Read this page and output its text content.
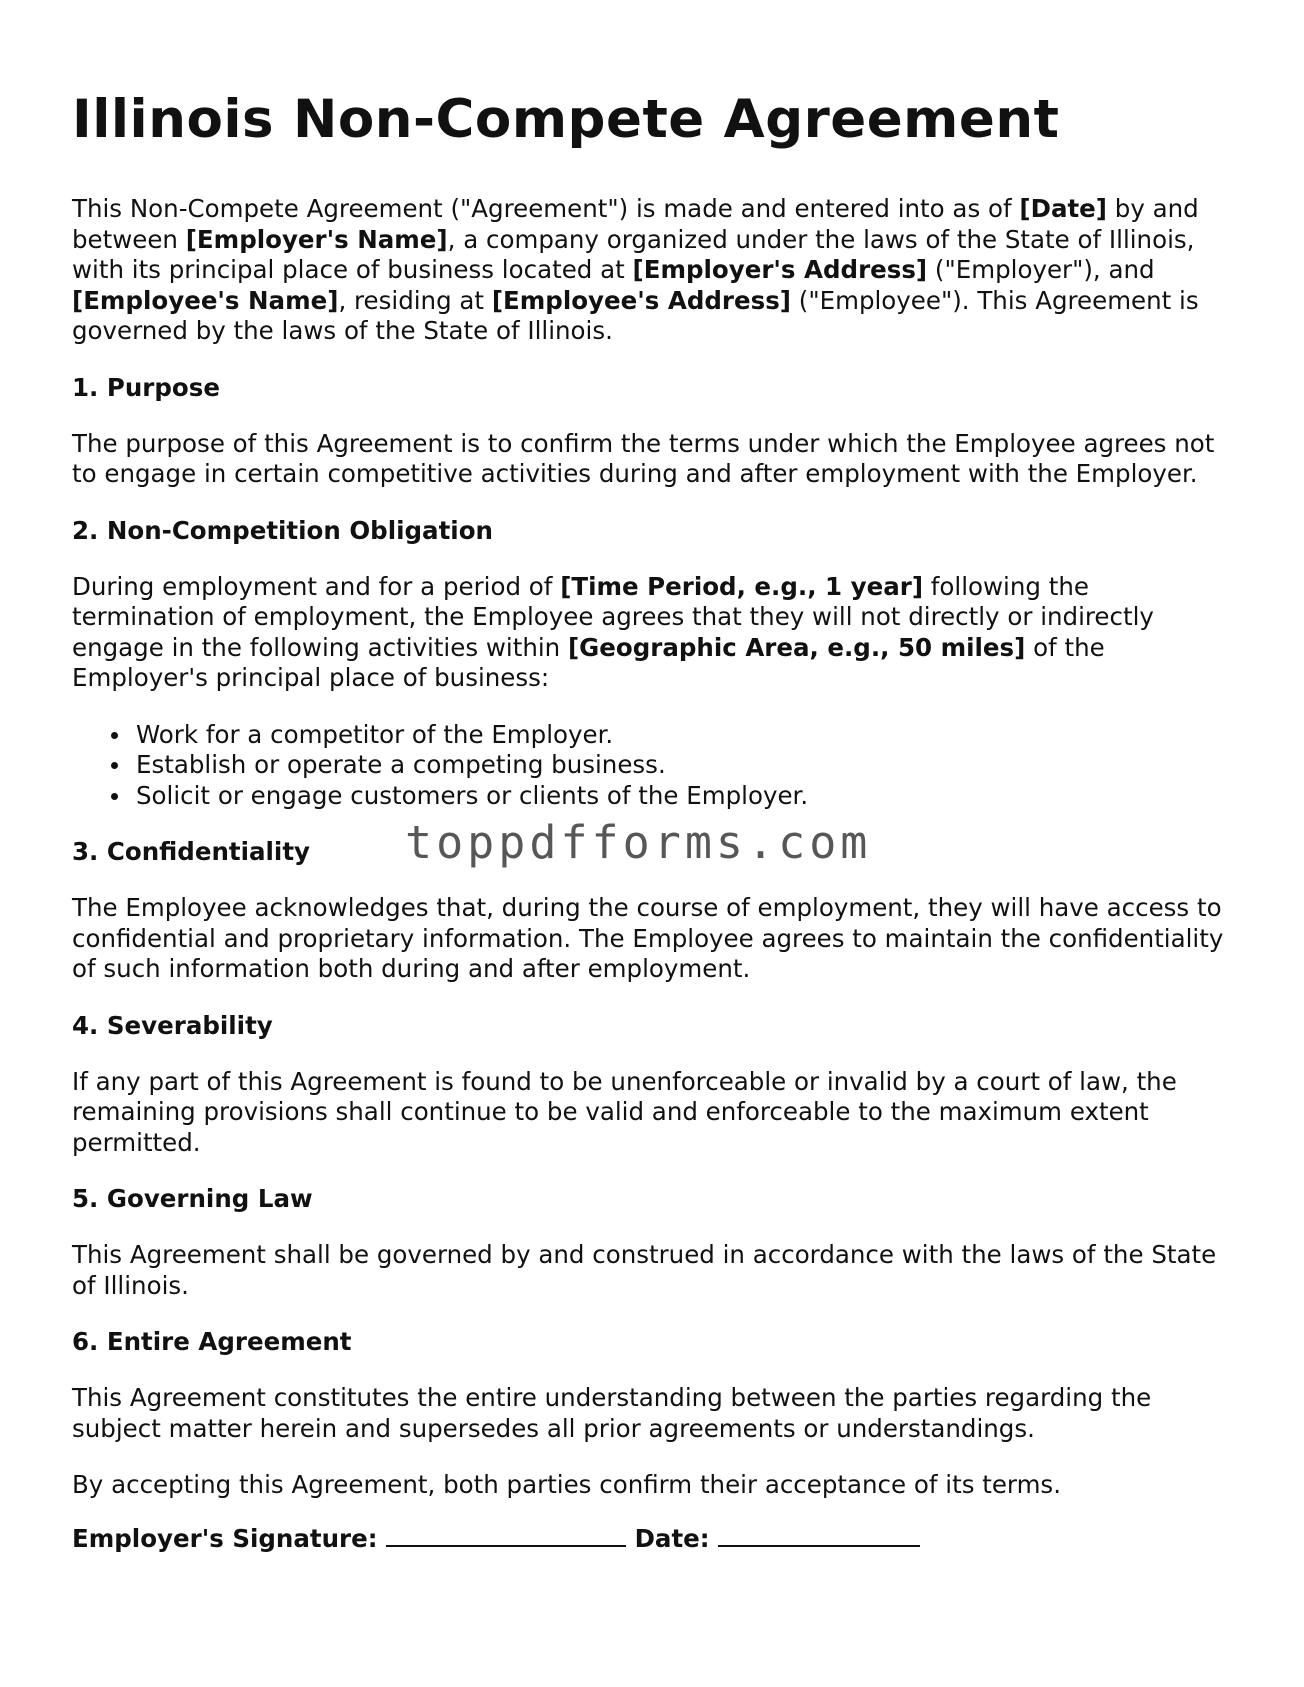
Illinois Non-Compete Agreement

This Non-Compete Agreement ("Agreement") is made and entered into as of [Date] by and between [Employer's Name], a company organized under the laws of the State of Illinois, with its principal place of business located at [Employer's Address] ("Employer"), and [Employee's Name], residing at [Employee's Address] ("Employee"). This Agreement is governed by the laws of the State of Illinois.

1. Purpose

The purpose of this Agreement is to confirm the terms under which the Employee agrees not to engage in certain competitive activities during and after employment with the Employer.

2. Non-Competition Obligation

During employment and for a period of [Time Period, e.g., 1 year] following the termination of employment, the Employee agrees that they will not directly or indirectly engage in the following activities within [Geographic Area, e.g., 50 miles] of the Employer's principal place of business:

Work for a competitor of the Employer.
Establish or operate a competing business.
Solicit or engage customers or clients of the Employer.
3. Confidentiality

The Employee acknowledges that, during the course of employment, they will have access to confidential and proprietary information. The Employee agrees to maintain the confidentiality of such information both during and after employment.

4. Severability

If any part of this Agreement is found to be unenforceable or invalid by a court of law, the remaining provisions shall continue to be valid and enforceable to the maximum extent permitted.

5. Governing Law

This Agreement shall be governed by and construed in accordance with the laws of the State of Illinois.

6. Entire Agreement

This Agreement constitutes the entire understanding between the parties regarding the subject matter herein and supersedes all prior agreements or understandings.

By accepting this Agreement, both parties confirm their acceptance of its terms.

Employer's Signature:	Date:
toppdfforms.com
